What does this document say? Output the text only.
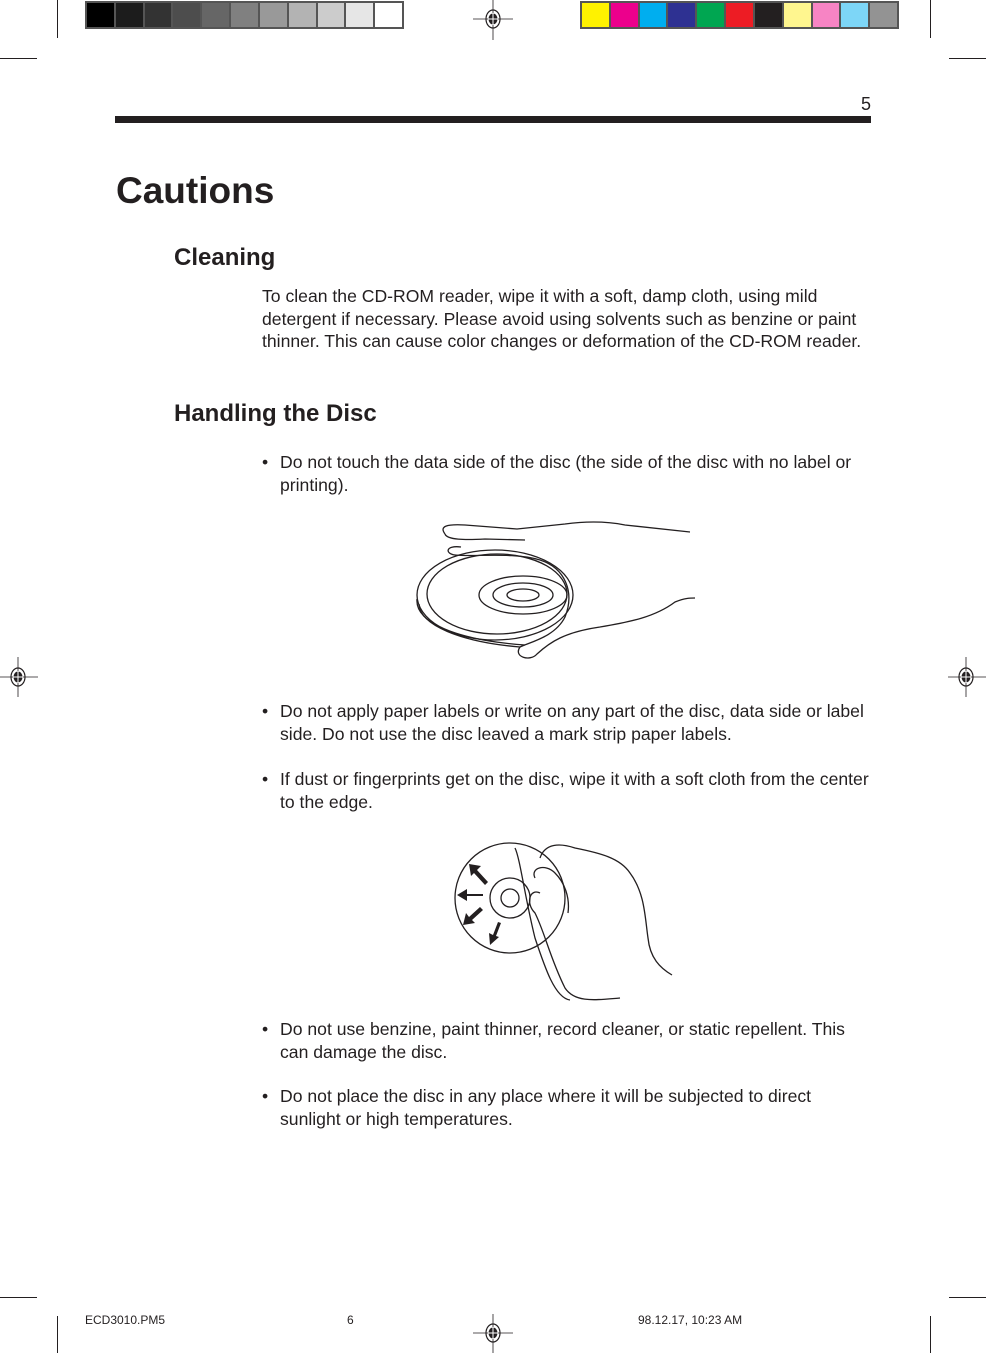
5
Cautions
Cleaning

To clean the CD-ROM reader, wipe it with a soft, damp cloth, using mild detergent if necessary. Please avoid using solvents such as benzine or paint thinner. This can cause color changes or deformation of the CD-ROM reader.

Handling the Disc
• Do not touch the data side of the disc (the side of the disc with no label or printing).
• Do not apply paper labels or write on any part of the disc, data side or label side. Do not use the disc leaved a mark strip paper labels.
• If dust or fingerprints get on the disc, wipe it with a soft cloth from the center to the edge.
• Do not use benzine, paint thinner, record cleaner, or static repellent. This can damage the disc.
• Do not place the disc in any place where it will be subjected to direct sunlight or high temperatures.
ECD3010.PM5	6	98.12.17, 10:23 AM
